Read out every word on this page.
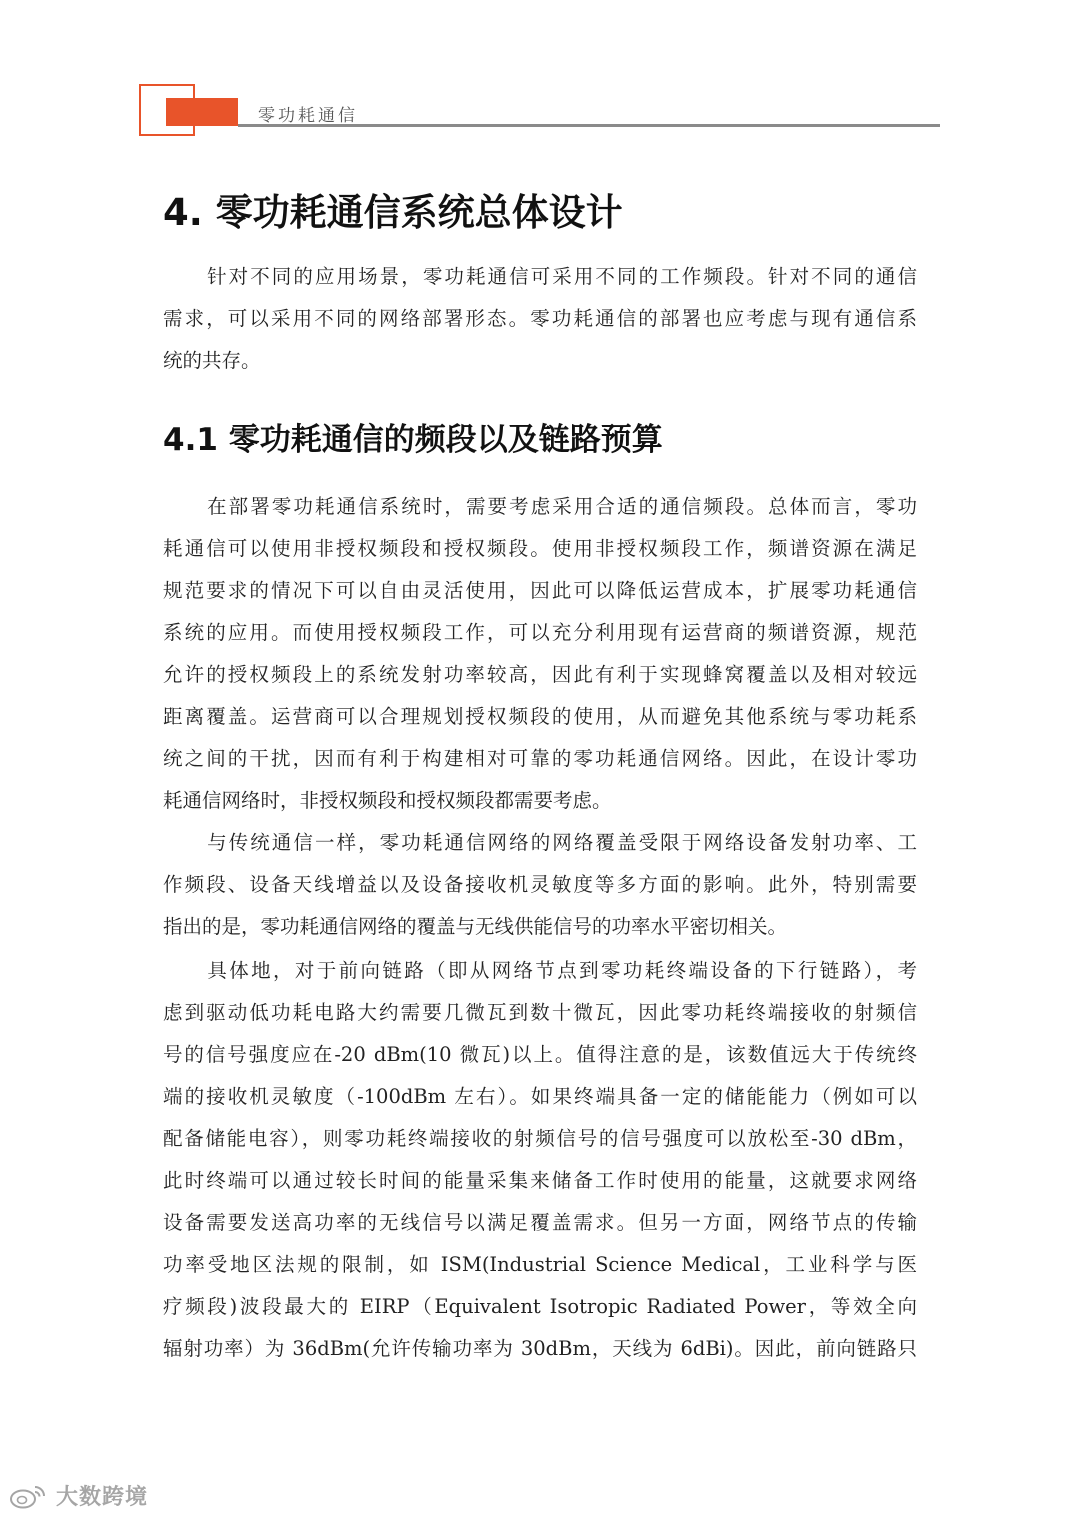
零功耗通信
4. 零功耗通信系统总体设计
针对不同的应用场景，零功耗通信可采用不同的工作频段。针对不同的通信
需求，可以采用不同的网络部署形态。零功耗通信的部署也应考虑与现有通信系
统的共存。
4.1 零功耗通信的频段以及链路预算
在部署零功耗通信系统时，需要考虑采用合适的通信频段。总体而言，零功
耗通信可以使用非授权频段和授权频段。使用非授权频段工作，频谱资源在满足
规范要求的情况下可以自由灵活使用，因此可以降低运营成本，扩展零功耗通信
系统的应用。而使用授权频段工作，可以充分利用现有运营商的频谱资源，规范
允许的授权频段上的系统发射功率较高，因此有利于实现蜂窝覆盖以及相对较远
距离覆盖。运营商可以合理规划授权频段的使用，从而避免其他系统与零功耗系
统之间的干扰，因而有利于构建相对可靠的零功耗通信网络。因此，在设计零功
耗通信网络时，非授权频段和授权频段都需要考虑。
与传统通信一样，零功耗通信网络的网络覆盖受限于网络设备发射功率、工
作频段、设备天线增益以及设备接收机灵敏度等多方面的影响。此外，特别需要
指出的是，零功耗通信网络的覆盖与无线供能信号的功率水平密切相关。
具体地，对于前向链路（即从网络节点到零功耗终端设备的下行链路），考
虑到驱动低功耗电路大约需要几微瓦到数十微瓦，因此零功耗终端接收的射频信
号的信号强度应在-20 dBm(10 微瓦)以上。值得注意的是，该数值远大于传统终
端的接收机灵敏度（-100dBm 左右）。如果终端具备一定的储能能力（例如可以
配备储能电容），则零功耗终端接收的射频信号的信号强度可以放松至-30 dBm，
此时终端可以通过较长时间的能量采集来储备工作时使用的能量，这就要求网络
设备需要发送高功率的无线信号以满足覆盖需求。但另一方面，网络节点的传输
功率受地区法规的限制，如 ISM(Industrial Science Medical，工业科学与医
疗频段)波段最大的 EIRP（Equivalent Isotropic Radiated Power，等效全向
辐射功率）为 36dBm(允许传输功率为 30dBm，天线为 6dBi)。因此，前向链路只
大数跨境
